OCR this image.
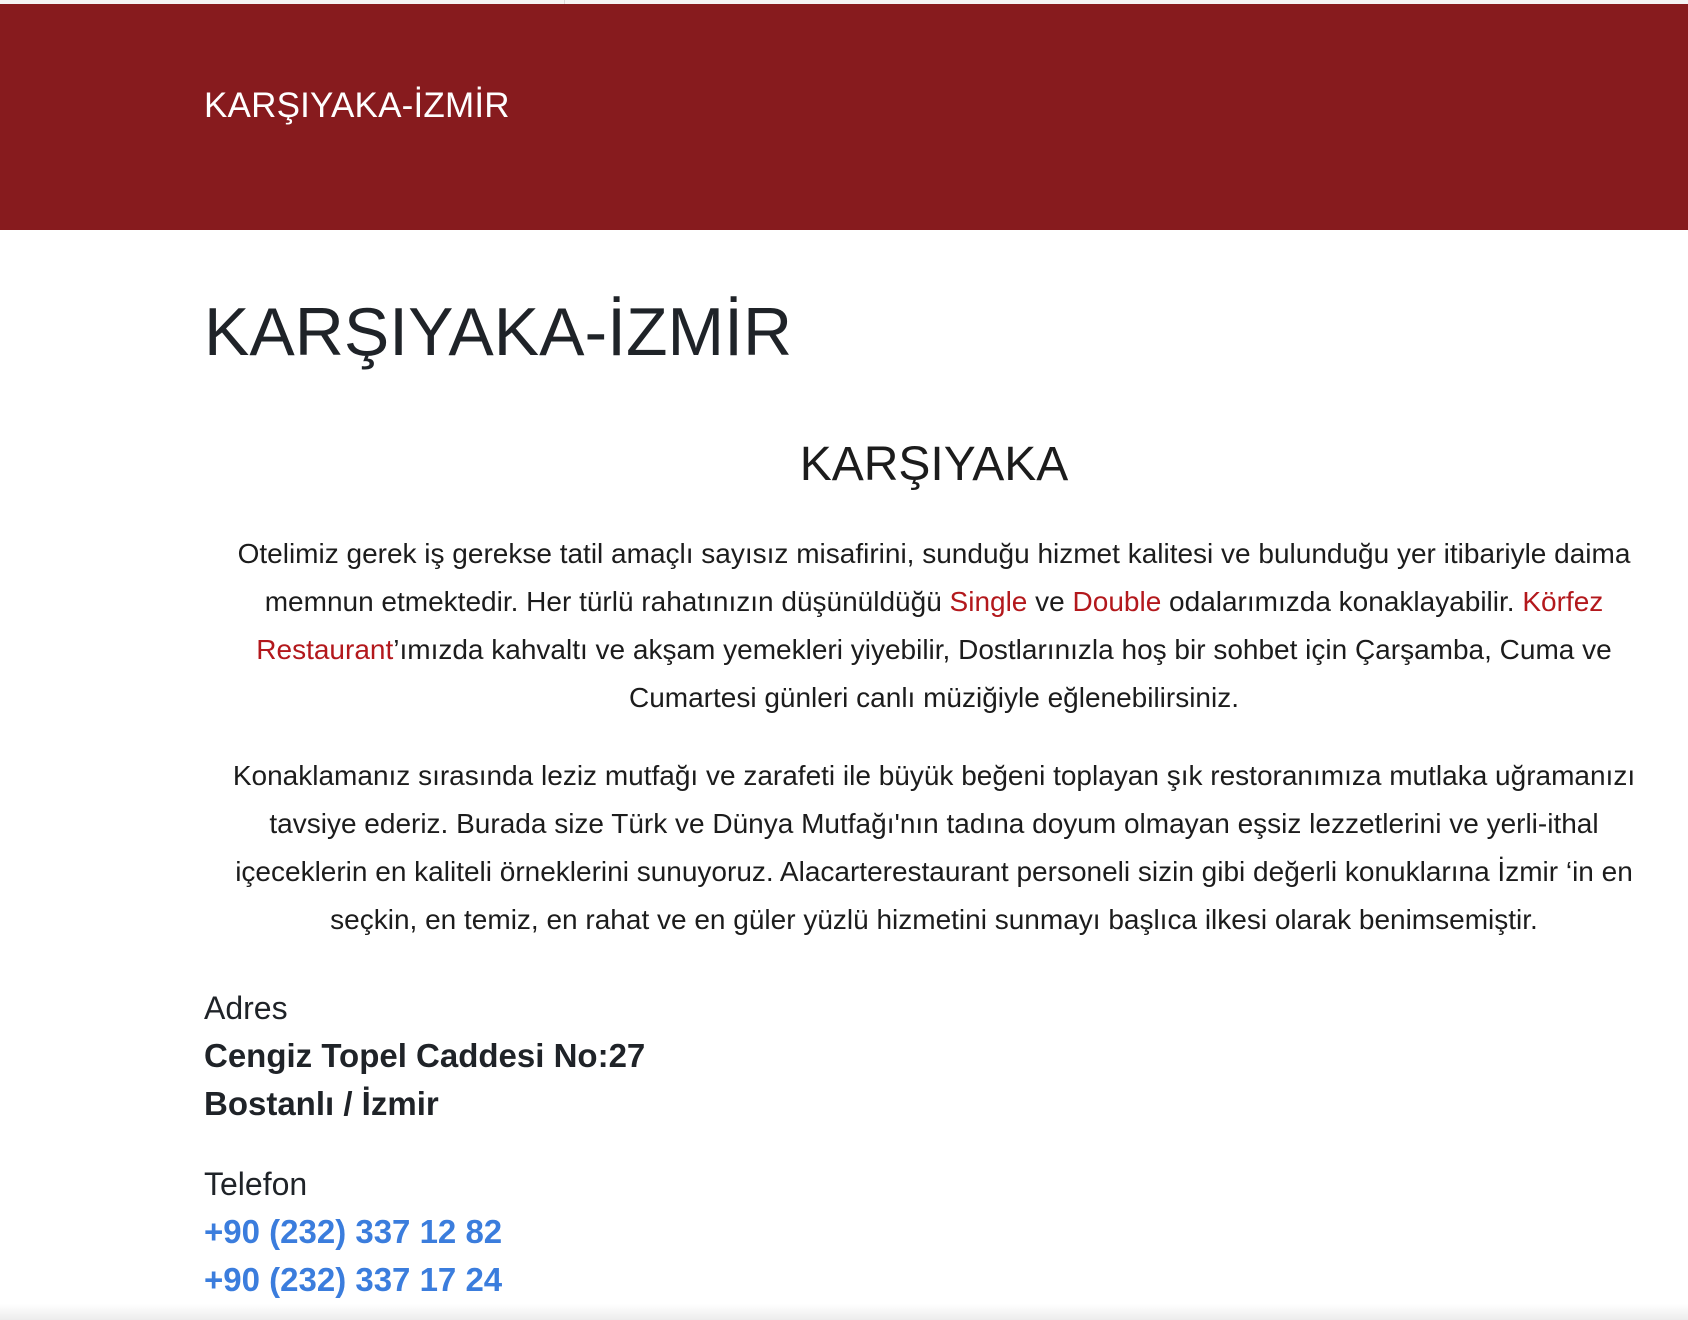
KARŞIYAKA-İZMİR
KARŞIYAKA-İZMİR
KARŞIYAKA

Otelimiz gerek iş gerekse tatil amaçlı sayısız misafirini, sunduğu hizmet kalitesi ve bulunduğu yer itibariyle daima memnun etmektedir. Her türlü rahatınızın düşünüldüğü Single ve Double odalarımızda konaklayabilir. Körfez Restaurant’ımızda kahvaltı ve akşam yemekleri yiyebilir, Dostlarınızla hoş bir sohbet için Çarşamba, Cuma ve Cumartesi günleri canlı müziğiyle eğlenebilirsiniz.

Konaklamanız sırasında leziz mutfağı ve zarafeti ile büyük beğeni toplayan şık restoranımıza mutlaka uğramanızı tavsiye ederiz. Burada size Türk ve Dünya Mutfağı'nın tadına doyum olmayan eşsiz lezzetlerini ve yerli-ithal içeceklerin en kaliteli örneklerini sunuyoruz. Alacarterestaurant personeli sizin gibi değerli konuklarına İzmir ‘in en seçkin, en temiz, en rahat ve en güler yüzlü hizmetini sunmayı başlıca ilkesi olarak benimsemiştir.

Adres
Cengiz Topel Caddesi No:27
Bostanlı / İzmir
Telefon
+90 (232) 337 12 82
+90 (232) 337 17 24
